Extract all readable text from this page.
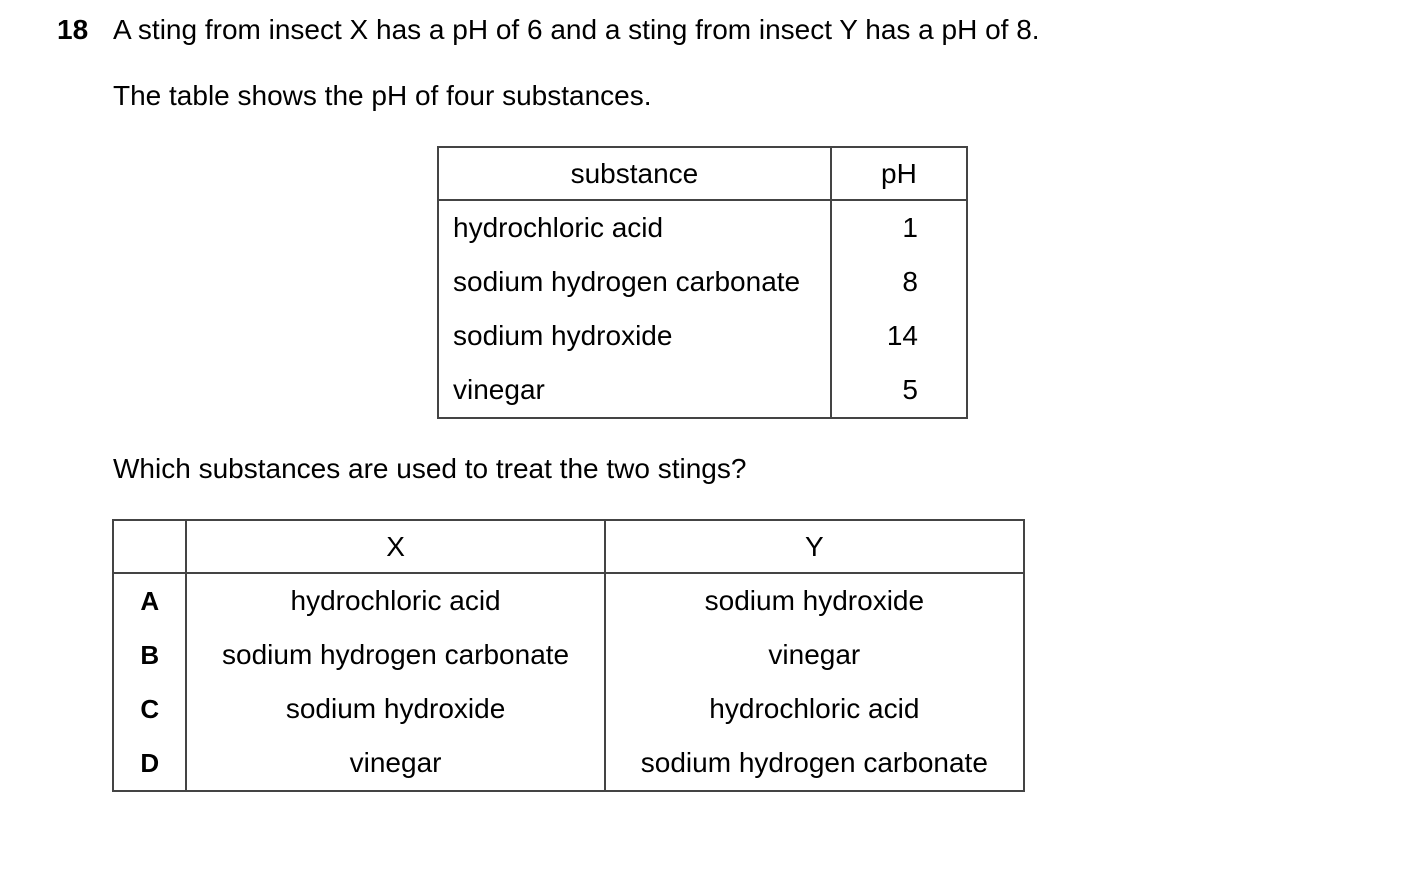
18 A sting from insect X has a pH of 6 and a sting from insect Y has a pH of 8.
The table shows the pH of four substances.
substance	pH
hydrochloric acid	1
sodium hydrogen carbonate	8
sodium hydroxide	14
vinegar	5
Which substances are used to treat the two stings?
	X	Y
A	hydrochloric acid	sodium hydroxide
B	sodium hydrogen carbonate	vinegar
C	sodium hydroxide	hydrochloric acid
D	vinegar	sodium hydrogen carbonate
